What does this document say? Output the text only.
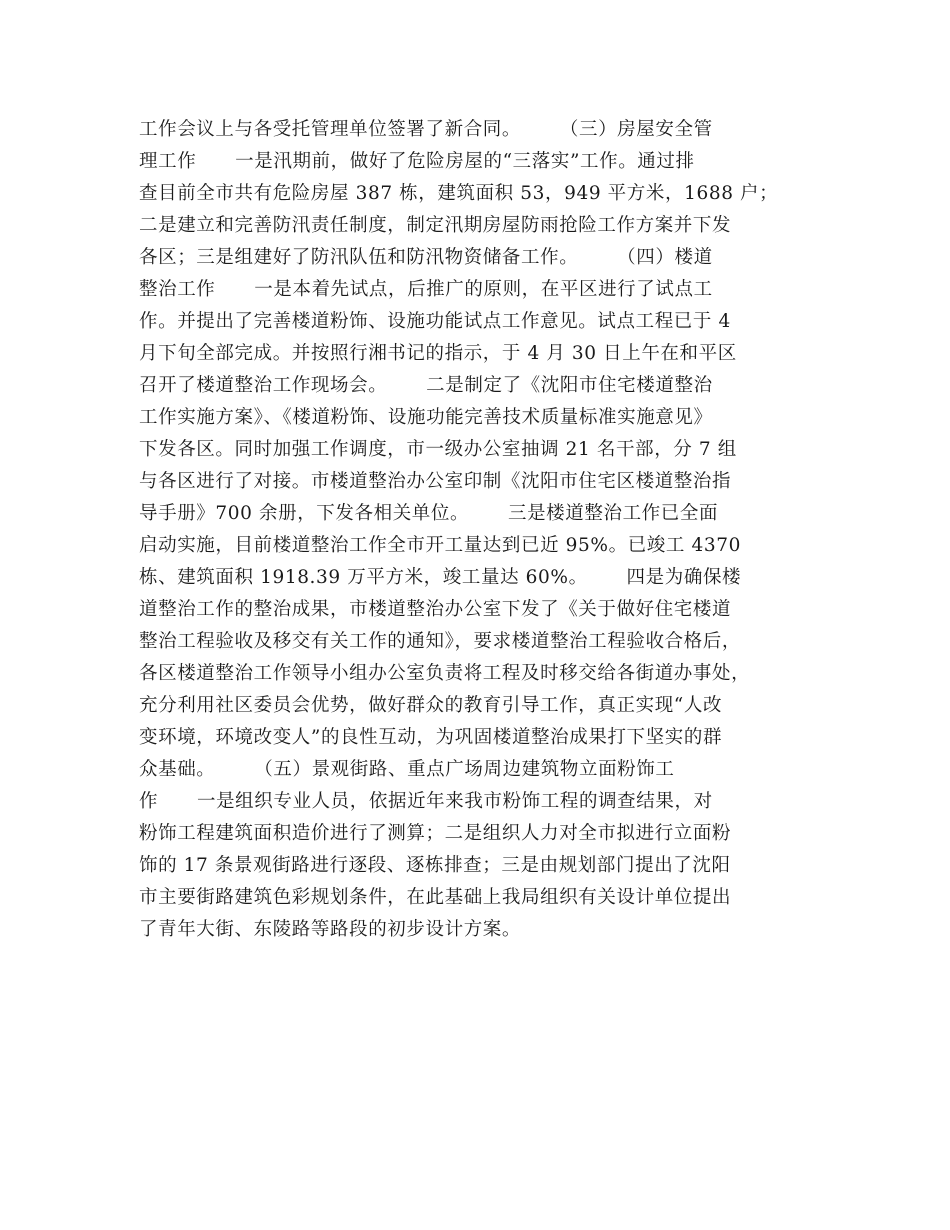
工作会议上与各受托管理单位签署了新合同。      （三）房屋安全管
理工作      一是汛期前，做好了危险房屋的“三落实”工作。通过排
查目前全市共有危险房屋 387 栋，建筑面积 53，949 平方米，1688 户；
二是建立和完善防汛责任制度，制定汛期房屋防雨抢险工作方案并下发
各区；三是组建好了防汛队伍和防汛物资储备工作。      （四）楼道
整治工作      一是本着先试点，后推广的原则，在平区进行了试点工
作。并提出了完善楼道粉饰、设施功能试点工作意见。试点工程已于 4
月下旬全部完成。并按照行湘书记的指示，于 4 月 30 日上午在和平区
召开了楼道整治工作现场会。      二是制定了《沈阳市住宅楼道整治
工作实施方案》、《楼道粉饰、设施功能完善技术质量标准实施意见》
下发各区。同时加强工作调度，市一级办公室抽调 21 名干部，分 7 组
与各区进行了对接。市楼道整治办公室印制《沈阳市住宅区楼道整治指
导手册》700 余册，下发各相关单位。      三是楼道整治工作已全面
启动实施，目前楼道整治工作全市开工量达到已近 95%。已竣工 4370
栋、建筑面积 1918.39 万平方米，竣工量达 60%。      四是为确保楼
道整治工作的整治成果，市楼道整治办公室下发了《关于做好住宅楼道
整治工程验收及移交有关工作的通知》，要求楼道整治工程验收合格后，
各区楼道整治工作领导小组办公室负责将工程及时移交给各街道办事处，
充分利用社区委员会优势，做好群众的教育引导工作，真正实现“人改
变环境，环境改变人”的良性互动，为巩固楼道整治成果打下坚实的群
众基础。      （五）景观街路、重点广场周边建筑物立面粉饰工
作      一是组织专业人员，依据近年来我市粉饰工程的调查结果，对
粉饰工程建筑面积造价进行了测算；二是组织人力对全市拟进行立面粉
饰的 17 条景观街路进行逐段、逐栋排查；三是由规划部门提出了沈阳
市主要街路建筑色彩规划条件，在此基础上我局组织有关设计单位提出
了青年大街、东陵路等路段的初步设计方案。
